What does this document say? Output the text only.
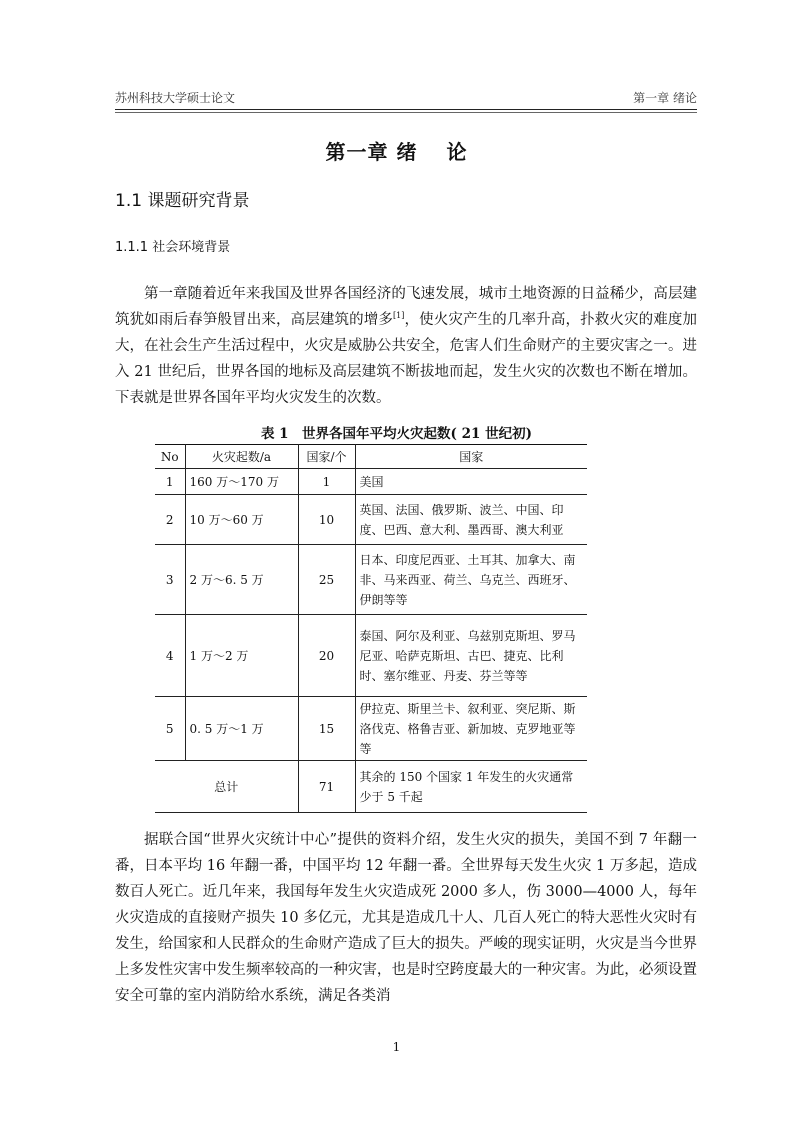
苏州科技大学硕士论文	第一章 绪论
第一章 绪　 论
1.1 课题研究背景
1.1.1 社会环境背景

第一章随着近年来我国及世界各国经济的飞速发展，城市土地资源的日益稀少，高层建筑犹如雨后春笋般冒出来，高层建筑的增多[1]，使火灾产生的几率升高，扑救火灾的难度加大，在社会生产生活过程中，火灾是威胁公共安全，危害人们生命财产的主要灾害之一。进入 21 世纪后，世界各国的地标及高层建筑不断拔地而起，发生火灾的次数也不断在增加。下表就是世界各国年平均火灾发生的次数。

表 1　世界各国年平均火灾起数( 21 世纪初)
No	火灾起数/a	国家/个	国家
1	160 万～170 万	1	美国
2	10 万～60 万	10	英国、法国、俄罗斯、波兰、中国、印度、巴西、意大利、墨西哥、澳大利亚
3	2 万～6. 5 万	25	日本、印度尼西亚、土耳其、加拿大、南非、马来西亚、荷兰、乌克兰、西班牙、伊朗等等
4	1 万～2 万	20	泰国、阿尔及利亚、乌兹别克斯坦、罗马尼亚、哈萨克斯坦、古巴、捷克、比利时、塞尔维亚、丹麦、芬兰等等
5	0. 5 万～1 万	15	伊拉克、斯里兰卡、叙利亚、突尼斯、斯洛伐克、格鲁吉亚、新加坡、克罗地亚等等
总计		71	其余的 150 个国家 1 年发生的火灾通常少于 5 千起

据联合国“世界火灾统计中心”提供的资料介绍，发生火灾的损失，美国不到 7 年翻一番，日本平均 16 年翻一番，中国平均 12 年翻一番。全世界每天发生火灾 1 万多起，造成数百人死亡。近几年来，我国每年发生火灾造成死 2000 多人，伤 3000—4000 人，每年火灾造成的直接财产损失 10 多亿元，尤其是造成几十人、几百人死亡的特大恶性火灾时有发生，给国家和人民群众的生命财产造成了巨大的损失。严峻的现实证明，火灾是当今世界上多发性灾害中发生频率较高的一种灾害，也是时空跨度最大的一种灾害。为此，必须设置安全可靠的室内消防给水系统，满足各类消

1
